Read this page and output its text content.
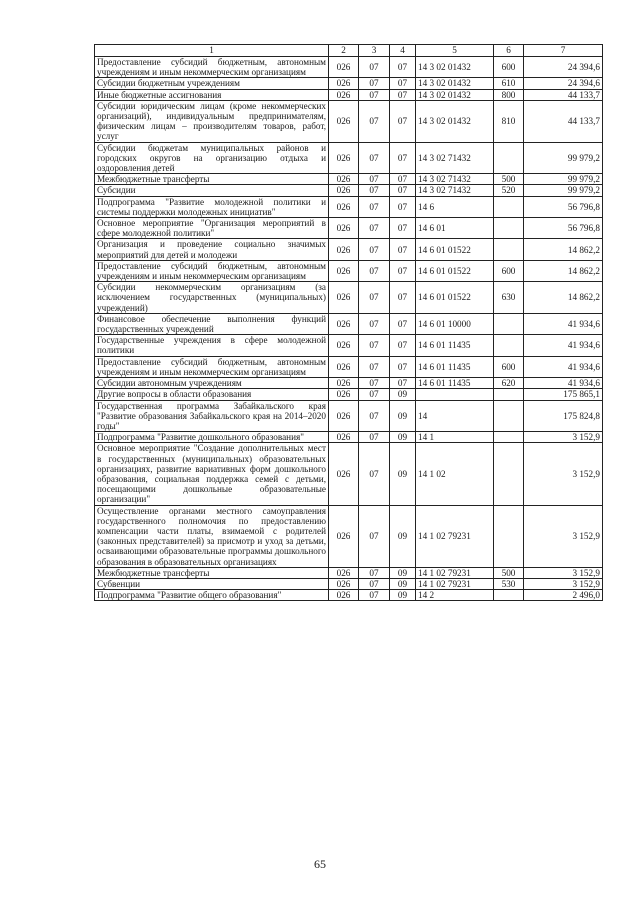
1	2	3	4	5	6	7
Предоставление субсидий бюджетным, автономным учреждениям и иным некоммерческим организациям	026	07	07	14 3 02 01432	600	24 394,6
Субсидии бюджетным учреждениям	026	07	07	14 3 02 01432	610	24 394,6
Иные бюджетные ассигнования	026	07	07	14 3 02 01432	800	44 133,7
Субсидии юридическим лицам (кроме некоммерческих организаций), индивидуальным предпринимателям, физическим лицам – производителям товаров, работ, услуг	026	07	07	14 3 02 01432	810	44 133,7
Субсидии бюджетам муниципальных районов и городских округов на организацию отдыха и оздоровления детей	026	07	07	14 3 02 71432		99 979,2
Межбюджетные трансферты	026	07	07	14 3 02 71432	500	99 979,2
Субсидии	026	07	07	14 3 02 71432	520	99 979,2
Подпрограмма "Развитие молодежной политики и системы поддержки молодежных инициатив"	026	07	07	14 6		56 796,8
Основное мероприятие "Организация мероприятий в сфере молодежной политики"	026	07	07	14 6 01		56 796,8
Организация и проведение социально значимых мероприятий для детей и молодежи	026	07	07	14 6 01 01522		14 862,2
Предоставление субсидий бюджетным, автономным учреждениям и иным некоммерческим организациям	026	07	07	14 6 01 01522	600	14 862,2
Субсидии некоммерческим организациям (за исключением государственных (муниципальных) учреждений)	026	07	07	14 6 01 01522	630	14 862,2
Финансовое обеспечение выполнения функций государственных учреждений	026	07	07	14 6 01 10000		41 934,6
Государственные учреждения в сфере молодежной политики	026	07	07	14 6 01 11435		41 934,6
Предоставление субсидий бюджетным, автономным учреждениям и иным некоммерческим организациям	026	07	07	14 6 01 11435	600	41 934,6
Субсидии автономным учреждениям	026	07	07	14 6 01 11435	620	41 934,6
Другие вопросы в области образования	026	07	09			175 865,1
Государственная программа Забайкальского края "Развитие образования Забайкальского края на 2014–2020 годы"	026	07	09	14		175 824,8
Подпрограмма "Развитие дошкольного образования"	026	07	09	14 1		3 152,9
Основное мероприятие "Создание дополнительных мест в государственных (муниципальных) образовательных организациях, развитие вариативных форм дошкольного образования, социальная поддержка семей с детьми, посещающими дошкольные образовательные организации"	026	07	09	14 1 02		3 152,9
Осуществление органами местного самоуправления государственного полномочия по предоставлению компенсации части платы, взимаемой с родителей (законных представителей) за присмотр и уход за детьми, осваивающими образовательные программы дошкольного образования в образовательных организациях	026	07	09	14 1 02 79231		3 152,9
Межбюджетные трансферты	026	07	09	14 1 02 79231	500	3 152,9
Субвенции	026	07	09	14 1 02 79231	530	3 152,9
Подпрограмма "Развитие общего образования"	026	07	09	14 2		2 496,0
65
